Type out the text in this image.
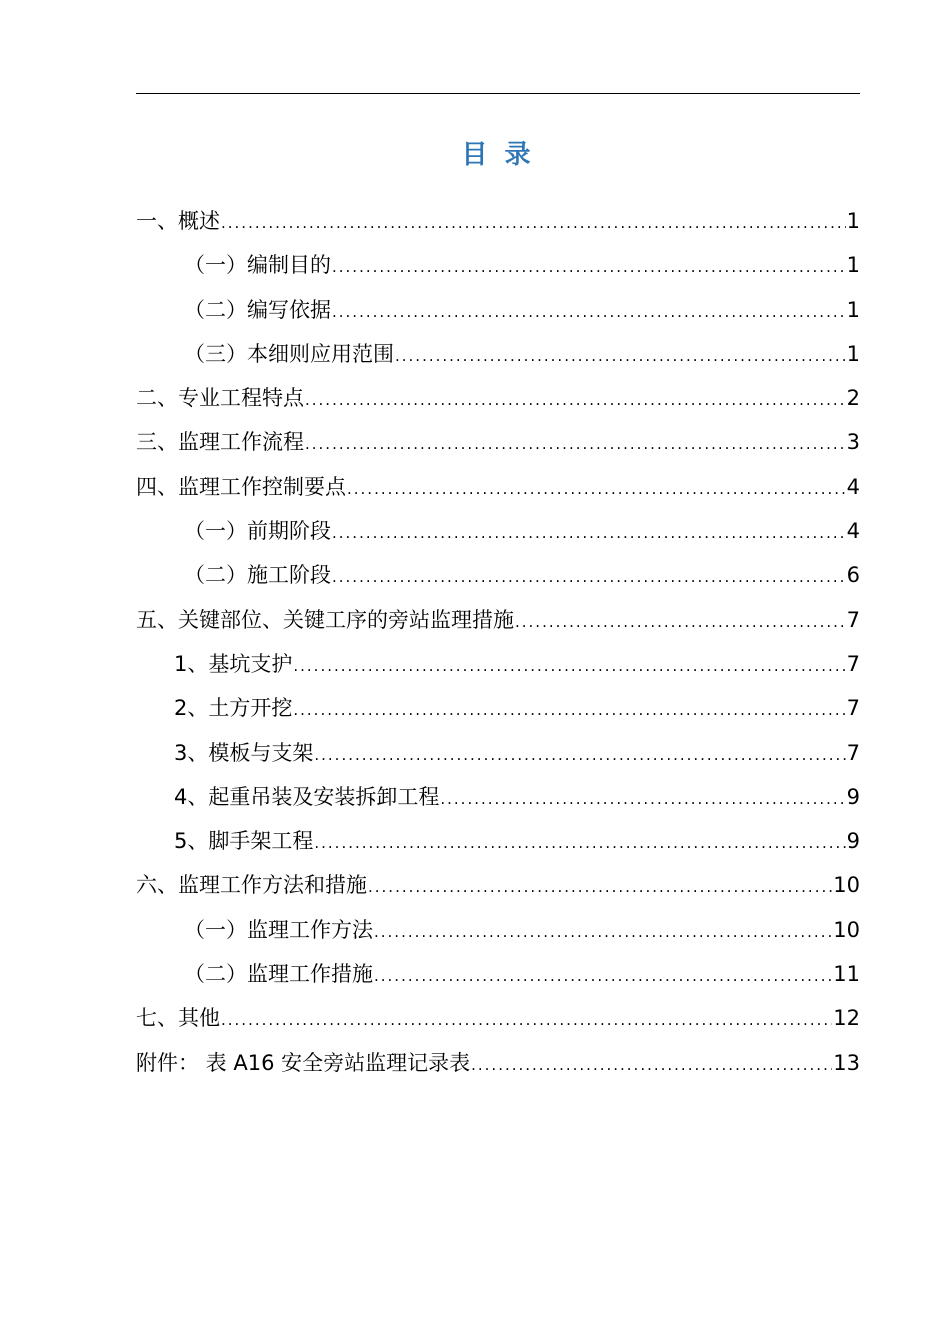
目 录
一、概述 .....	1
（一）编制目的 .....	1
（二）编写依据 .....	1
（三）本细则应用范围 .....	1
二、专业工程特点 .....	2
三、监理工作流程 .....	3
四、监理工作控制要点 .....	4
（一）前期阶段 .....	4
（二）施工阶段 .....	6
五、关键部位、关键工序的旁站监理措施 .....	7
1、基坑支护 .....	7
2、土方开挖 .....	7
3、模板与支架 .....	7
4、起重吊装及安装拆卸工程 .....	9
5、脚手架工程 .....	9
六、监理工作方法和措施 .....	10
（一）监理工作方法 .....	10
（二）监理工作措施 .....	11
七、其他 .....	12
附件： 表 A16 安全旁站监理记录表 .....	13
